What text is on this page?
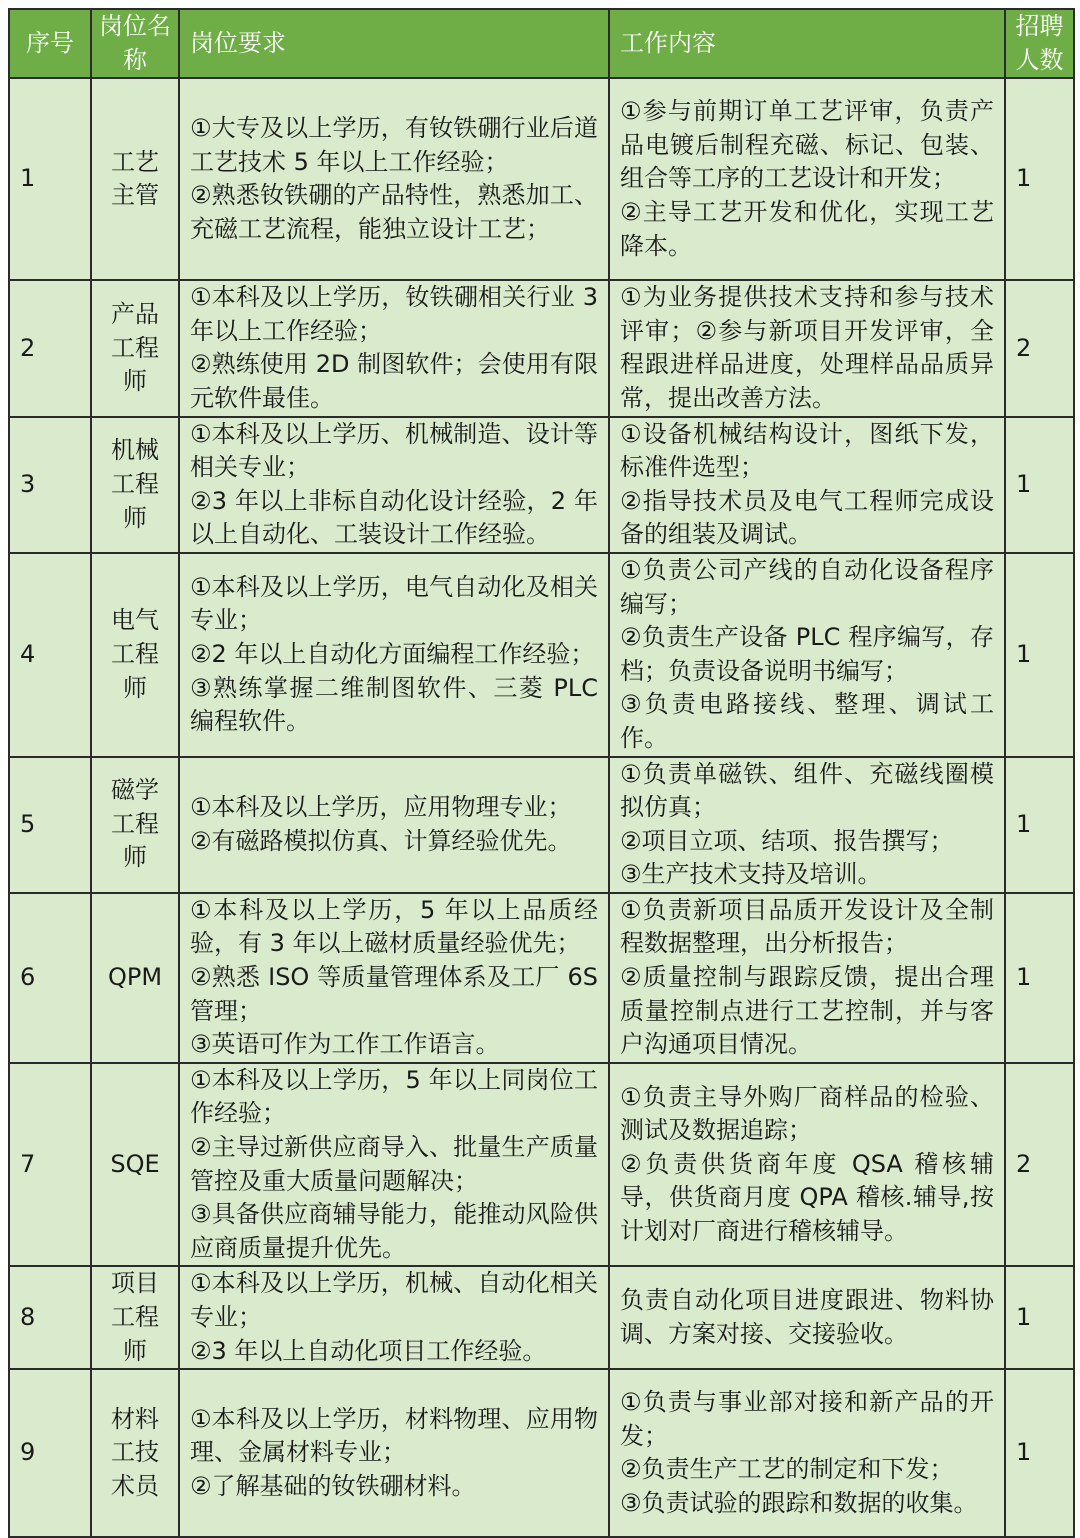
序号	岗位名称	岗位要求	工作内容	招聘人数
1	工艺主管	①大专及以上学历，有钕铁硼行业后道工艺技术 5 年以上工作经验；
②熟悉钕铁硼的产品特性，熟悉加工、充磁工艺流程，能独立设计工艺；	①参与前期订单工艺评审，负责产品电镀后制程充磁、标记、包装、组合等工序的工艺设计和开发；
②主导工艺开发和优化，实现工艺降本。	1
2	产品工程师	①本科及以上学历，钕铁硼相关行业 3 年以上工作经验；
②熟练使用 2D 制图软件；会使用有限元软件最佳。	①为业务提供技术支持和参与技术评审；②参与新项目开发评审，全程跟进样品进度，处理样品品质异常，提出改善方法。	2
3	机械工程师	①本科及以上学历、机械制造、设计等相关专业；
②3 年以上非标自动化设计经验，2 年以上自动化、工装设计工作经验。	①设备机械结构设计，图纸下发，标准件选型；
②指导技术员及电气工程师完成设备的组装及调试。	1
4	电气工程师	①本科及以上学历，电气自动化及相关专业；
②2 年以上自动化方面编程工作经验；
③熟练掌握二维制图软件、三菱 PLC 编程软件。	①负责公司产线的自动化设备程序编写；
②负责生产设备 PLC 程序编写，存档；负责设备说明书编写；
③负责电路接线、整理、调试工作。	1
5	磁学工程师	①本科及以上学历，应用物理专业；
②有磁路模拟仿真、计算经验优先。	①负责单磁铁、组件、充磁线圈模拟仿真；
②项目立项、结项、报告撰写；
③生产技术支持及培训。	1
6	QPM	①本科及以上学历，5 年以上品质经验，有 3 年以上磁材质量经验优先；
②熟悉 ISO 等质量管理体系及工厂 6S 管理；
③英语可作为工作工作语言。	①负责新项目品质开发设计及全制程数据整理，出分析报告；
②质量控制与跟踪反馈，提出合理质量控制点进行工艺控制，并与客户沟通项目情况。	1
7	SQE	①本科及以上学历，5 年以上同岗位工作经验；
②主导过新供应商导入、批量生产质量管控及重大质量问题解决；
③具备供应商辅导能力，能推动风险供应商质量提升优先。	①负责主导外购厂商样品的检验、测试及数据追踪；
②负责供货商年度 QSA 稽核辅导，供货商月度 QPA 稽核.辅导,按计划对厂商进行稽核辅导。	2
8	项目工程师	①本科及以上学历，机械、自动化相关专业；
②3 年以上自动化项目工作经验。	负责自动化项目进度跟进、物料协调、方案对接、交接验收。	1
9	材料工技术员	①本科及以上学历，材料物理、应用物理、金属材料专业；
②了解基础的钕铁硼材料。	①负责与事业部对接和新产品的开发；
②负责生产工艺的制定和下发；
③负责试验的跟踪和数据的收集。	1
